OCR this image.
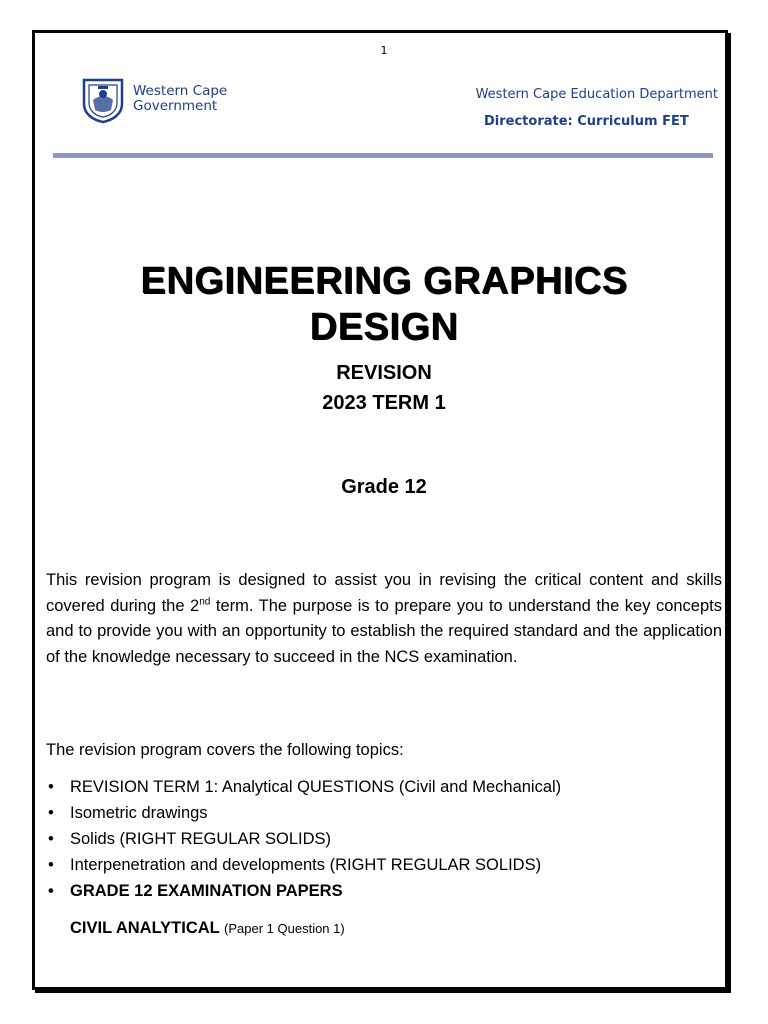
1
Western Cape
Government
Western Cape Education Department
Directorate: Curriculum FET
ENGINEERING GRAPHICS
DESIGN
REVISION
2023 TERM 1
Grade 12
This revision program is designed to assist you in revising the critical content and skills covered during the 2nd term. The purpose is to prepare you to understand the key concepts and to provide you with an opportunity to establish the required standard and the application of the knowledge necessary to succeed in the NCS examination.
The revision program covers the following topics:
• REVISION TERM 1: Analytical QUESTIONS (Civil and Mechanical)
• Isometric drawings
• Solids (RIGHT REGULAR SOLIDS)
• Interpenetration and developments (RIGHT REGULAR SOLIDS)
• GRADE 12 EXAMINATION PAPERS
CIVIL ANALYTICAL (Paper 1 Question 1)
